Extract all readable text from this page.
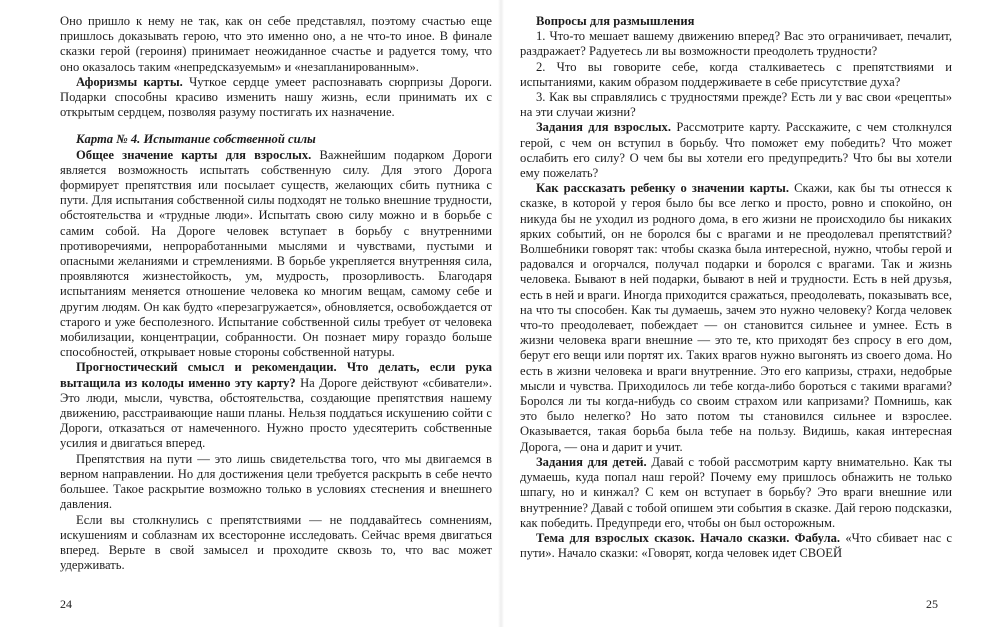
Оно пришло к нему не так, как он себе представлял, поэтому счастью еще пришлось доказывать герою, что это именно оно, а не что-то иное. В финале сказки герой (героиня) принимает неожиданное счастье и радуется тому, что оно оказалось таким «непредсказуемым» и «незапланированным».

Афоризмы карты. Чуткое сердце умеет распознавать сюрпризы Дороги. Подарки способны красиво изменить нашу жизнь, если принимать их с открытым сердцем, позволяя разуму постигать их назначение.

Карта № 4. Испытание собственной силы

Общее значение карты для взрослых. Важнейшим подарком Дороги является возможность испытать собственную силу. Для этого Дорога формирует препятствия или посылает существ, желающих сбить путника с пути. Для испытания собственной силы подходят не только внешние трудности, обстоятельства и «трудные люди». Испытать свою силу можно и в борьбе с самим собой. На Дороге человек вступает в борьбу с внутренними противоречиями, непроработанными мыслями и чувствами, пустыми и опасными желаниями и стремлениями. В борьбе укрепляется внутренняя сила, проявляются жизнестойкость, ум, мудрость, прозорливость. Благодаря испытаниям меняется отношение человека ко многим вещам, самому себе и другим людям. Он как будто «перезагружается», обновляется, освобождается от старого и уже бесполезного. Испытание собственной силы требует от человека мобилизации, концентрации, собранности. Он познает миру гораздо больше способностей, открывает новые стороны собственной натуры.

Прогностический смысл и рекомендации. Что делать, если рука вытащила из колоды именно эту карту? На Дороге действуют «сбиватели». Это люди, мысли, чувства, обстоятельства, создающие препятствия нашему движению, расстраивающие наши планы. Нельзя поддаться искушению сойти с Дороги, отказаться от намеченного. Нужно просто удесятерить собственные усилия и двигаться вперед.

Препятствия на пути — это лишь свидетельства того, что мы двигаемся в верном направлении. Но для достижения цели требуется раскрыть в себе нечто большее. Такое раскрытие возможно только в условиях стеснения и внешнего давления.

Если вы столкнулись с препятствиями — не поддавайтесь сомнениям, искушениям и соблазнам их всесторонне исследовать. Сейчас время двигаться вперед. Верьте в свой замысел и проходите сквозь то, что вас может удерживать.

Вопросы для размышления

1. Что-то мешает вашему движению вперед? Вас это ограничивает, печалит, раздражает? Радуетесь ли вы возможности преодолеть трудности?

2. Что вы говорите себе, когда сталкиваетесь с препятствиями и испытаниями, каким образом поддерживаете в себе присутствие духа?

3. Как вы справлялись с трудностями прежде? Есть ли у вас свои «рецепты» на эти случаи жизни?

Задания для взрослых. Рассмотрите карту. Расскажите, с чем столкнулся герой, с чем он вступил в борьбу. Что поможет ему победить? Что может ослабить его силу? О чем бы вы хотели его предупредить? Что бы вы хотели ему пожелать?

Как рассказать ребенку о значении карты. Скажи, как бы ты отнесся к сказке, в которой у героя было бы все легко и просто, ровно и спокойно, он никуда бы не уходил из родного дома, в его жизни не происходило бы никаких ярких событий, он не боролся бы с врагами и не преодолевал препятствий? Волшебники говорят так: чтобы сказка была интересной, нужно, чтобы герой и радовался и огорчался, получал подарки и боролся с врагами. Так и жизнь человека. Бывают в ней подарки, бывают в ней и трудности. Есть в ней друзья, есть в ней и враги. Иногда приходится сражаться, преодолевать, показывать все, на что ты способен. Как ты думаешь, зачем это нужно человеку? Когда человек что-то преодолевает, побеждает — он становится сильнее и умнее. Есть в жизни человека враги внешние — это те, кто приходят без спросу в его дом, берут его вещи или портят их. Таких врагов нужно выгонять из своего дома. Но есть в жизни человека и враги внутренние. Это его капризы, страхи, недобрые мысли и чувства. Приходилось ли тебе когда-либо бороться с такими врагами? Боролся ли ты когда-нибудь со своим страхом или капризами? Помнишь, как это было нелегко? Но зато потом ты становился сильнее и взрослее. Оказывается, такая борьба была тебе на пользу. Видишь, какая интересная Дорога, — она и дарит и учит.

Задания для детей. Давай с тобой рассмотрим карту внимательно. Как ты думаешь, куда попал наш герой? Почему ему пришлось обнажить не только шпагу, но и кинжал? С кем он вступает в борьбу? Это враги внешние или внутренние? Давай с тобой опишем эти события в сказке. Дай герою подсказки, как победить. Предупреди его, чтобы он был осторожным.

Тема для взрослых сказок. Начало сказки. Фабула. «Что сбивает нас с пути». Начало сказки: «Говорят, когда человек идет СВОЕЙ

24	25
